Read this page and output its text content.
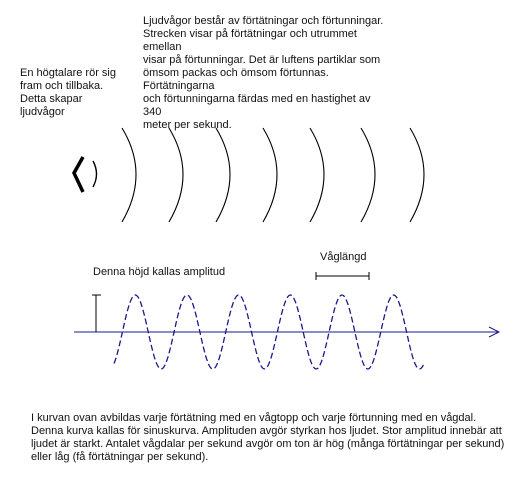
Ljudvågor består av förtätningar och förtunningar.
Strecken visar på förtätningar och utrummet emellan
visar på förtunningar. Det är luftens partiklar som
ömsom packas och ömsom förtunnas. Förtätningarna
och förtunningarna färdas med en hastighet av 340
meter per sekund.

En högtalare rör sig
fram och tillbaka.
Detta skapar
ljudvågor

Denna höjd kallas amplitud

Våglängd

I kurvan ovan avbildas varje förtätning med en vågtopp och varje förtunning med en vågdal. Denna kurva kallas för sinuskurva. Amplituden avgör styrkan hos ljudet. Stor amplitud innebär att ljudet är starkt. Antalet vågdalar per sekund avgör om ton är hög (många förtätningar per sekund) eller låg (få förtätningar per sekund).
